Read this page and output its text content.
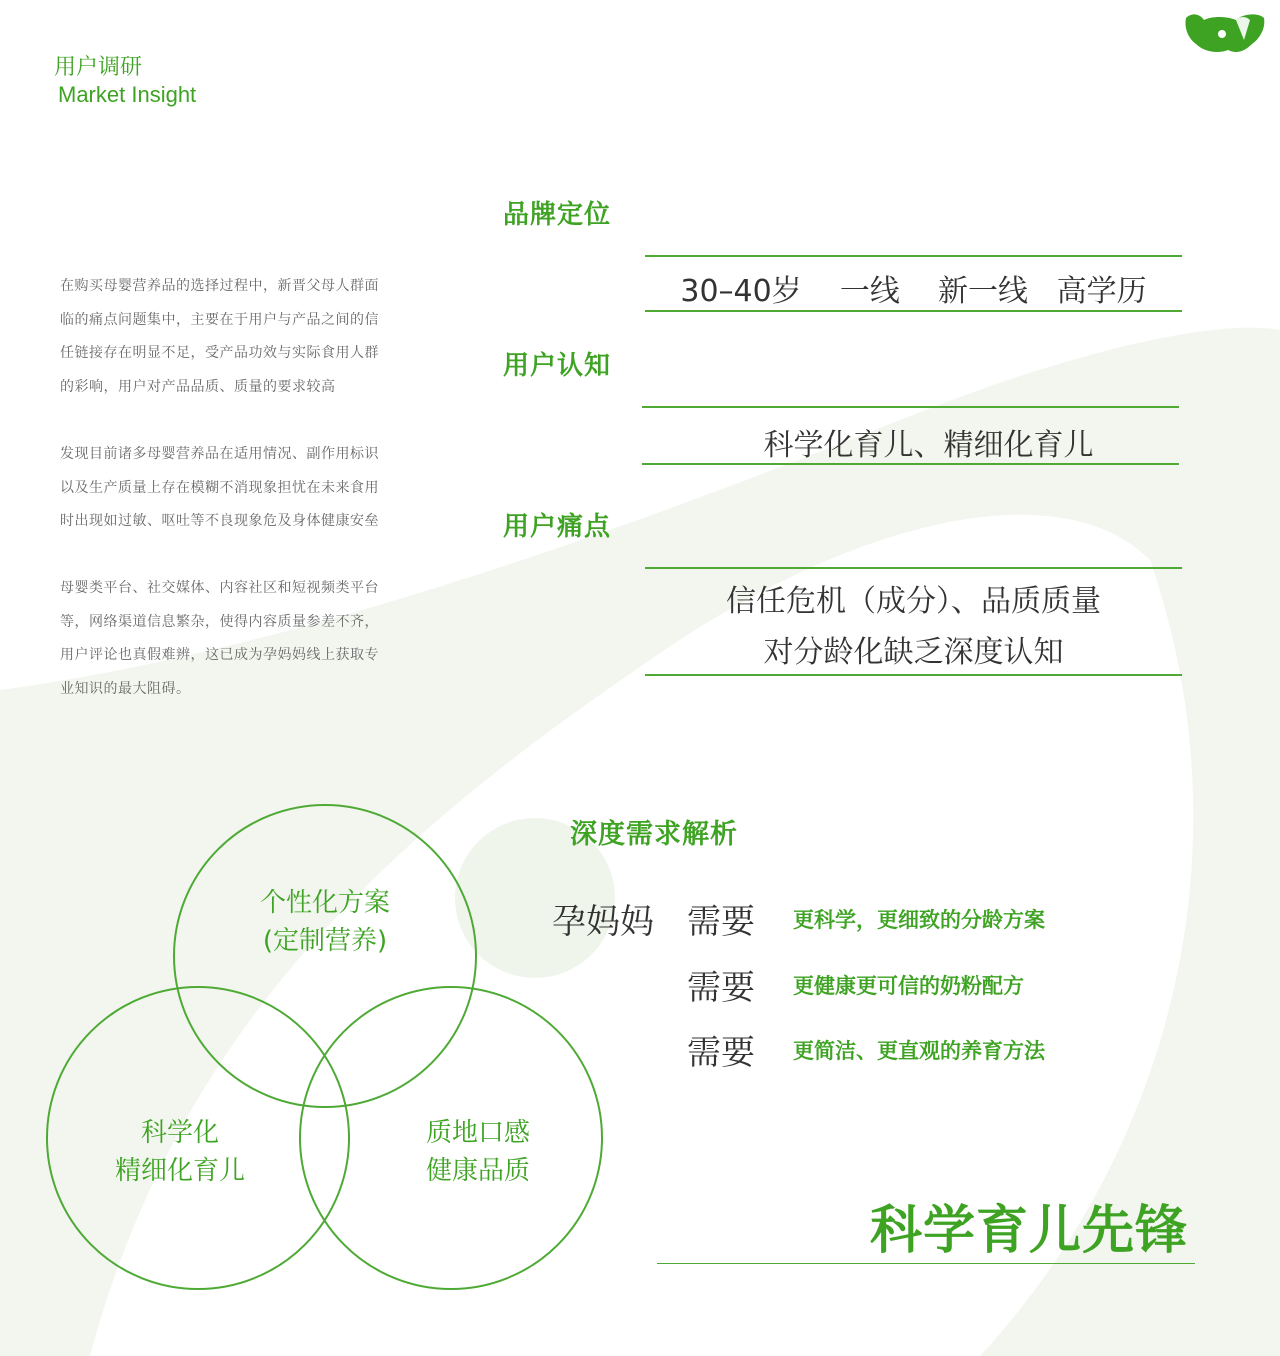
用户调研
Market Insight
在购买母婴营养品的选择过程中，新晋父母人群面
临的痛点问题集中，主要在于用户与产品之间的信
任链接存在明显不足，受产品功效与实际食用人群
的彩响，用户对产品品质、质量的要求较高
发现目前诸多母婴营养品在适用情况、副作用标识
以及生产质量上存在模糊不消现象担忧在未来食用
时出现如过敏、呕吐等不良现象危及身体健康安垒
母婴类平台、社交媒体、内容社区和短视频类平台
等，网络渠道信息繁杂，使得内容质量参差不齐，
用户评论也真假难辨，这已成为孕妈妈线上获取专
业知识的最大阻碍。
品牌定位
30–40岁    一线    新一线   高学历
用户认知
科学化育儿、精细化育儿
用户痛点
信任危机（成分）、品质质量
对分龄化缺乏深度认知
个性化方案
(定制营养)
科学化
精细化育儿
质地口感
健康品质
深度需求解析
孕妈妈 需要 更科学，更细致的分龄方案
需要 更健康更可信的奶粉配方
需要 更简洁、更直观的养育方法
科学育儿先锋
